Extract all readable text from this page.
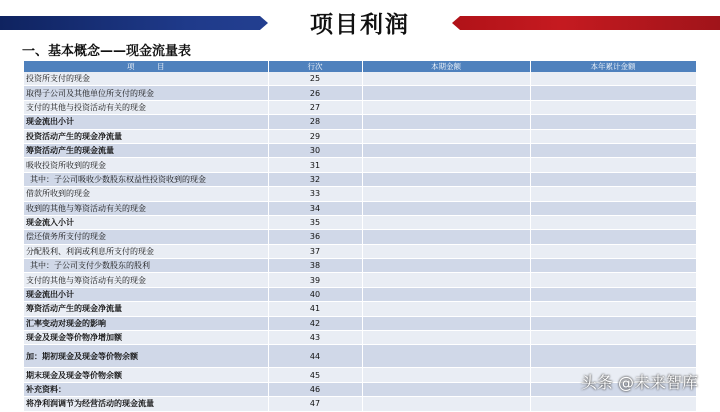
项目利润
一、基本概念——现金流量表
项　　　目	行次	本期金额	本年累计金额
投资所支付的现金	25		
取得子公司及其他单位所支付的现金	26		
支付的其他与投资活动有关的现金	27		
现金流出小计	28		
投资活动产生的现金净流量	29		
筹资活动产生的现金流量	30		
吸收投资所收到的现金	31		
其中：子公司吸收少数股东权益性投资收到的现金	32		
借款所收到的现金	33		
收到的其他与筹资活动有关的现金	34		
现金流入小计	35		
偿还债务所支付的现金	36		
分配股利、利润或利息所支付的现金	37		
其中：子公司支付少数股东的股利	38		
支付的其他与筹资活动有关的现金	39		
现金流出小计	40		
筹资活动产生的现金净流量	41		
汇率变动对现金的影响	42		
现金及现金等价物净增加额	43		
加：期初现金及现金等价物余额	44		
期末现金及现金等价物余额	45		
补充资料：	46		
将净利润调节为经营活动的现金流量	47		
头条 @未来智库
